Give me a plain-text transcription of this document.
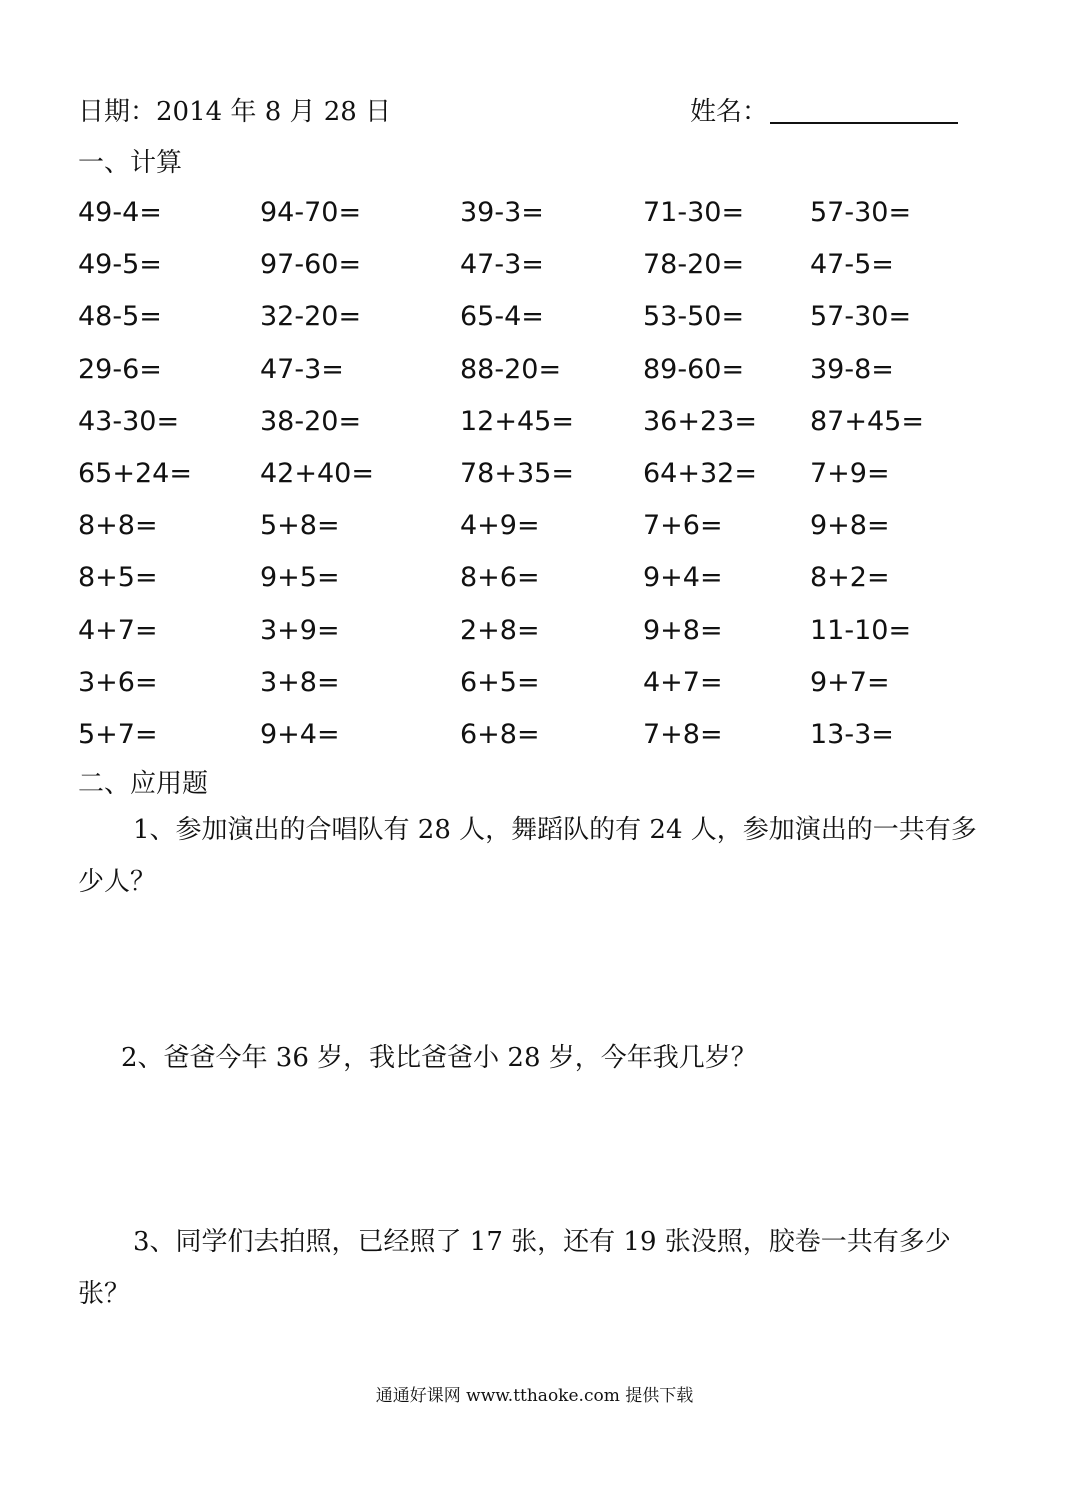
日期：2014 年 8 月 28 日	姓名：
一、计算
49-4=	94-70=	39-3=	71-30= 57-30=
49-5=	97-60=	47-3=	78-20= 47-5=
48-5=	32-20=	65-4=	53-50= 57-30=
29-6=	47-3=	88-20=	89-60= 39-8=
43-30=	38-20=	12+45=	36+23= 87+45=
65+24=	42+40=	78+35=	64+32= 7+9=
8+8=	5+8=	4+9=	7+6=	9+8=
8+5=	9+5=	8+6=	9+4=	8+2=
4+7=	3+9=	2+8=	9+8=	11-10=
3+6=	3+8=	6+5=	4+7=	9+7=
5+7=	9+4=	6+8=	7+8=	13-3=
二、应用题
1、参加演出的合唱队有 28 人，舞蹈队的有 24 人，参加演出的一共有多少人？
2、爸爸今年 36 岁，我比爸爸小 28 岁，今年我几岁？
3、同学们去拍照，已经照了 17 张，还有 19 张没照，胶卷一共有多少张？
通通好课网 www.tthaoke.com 提供下载
